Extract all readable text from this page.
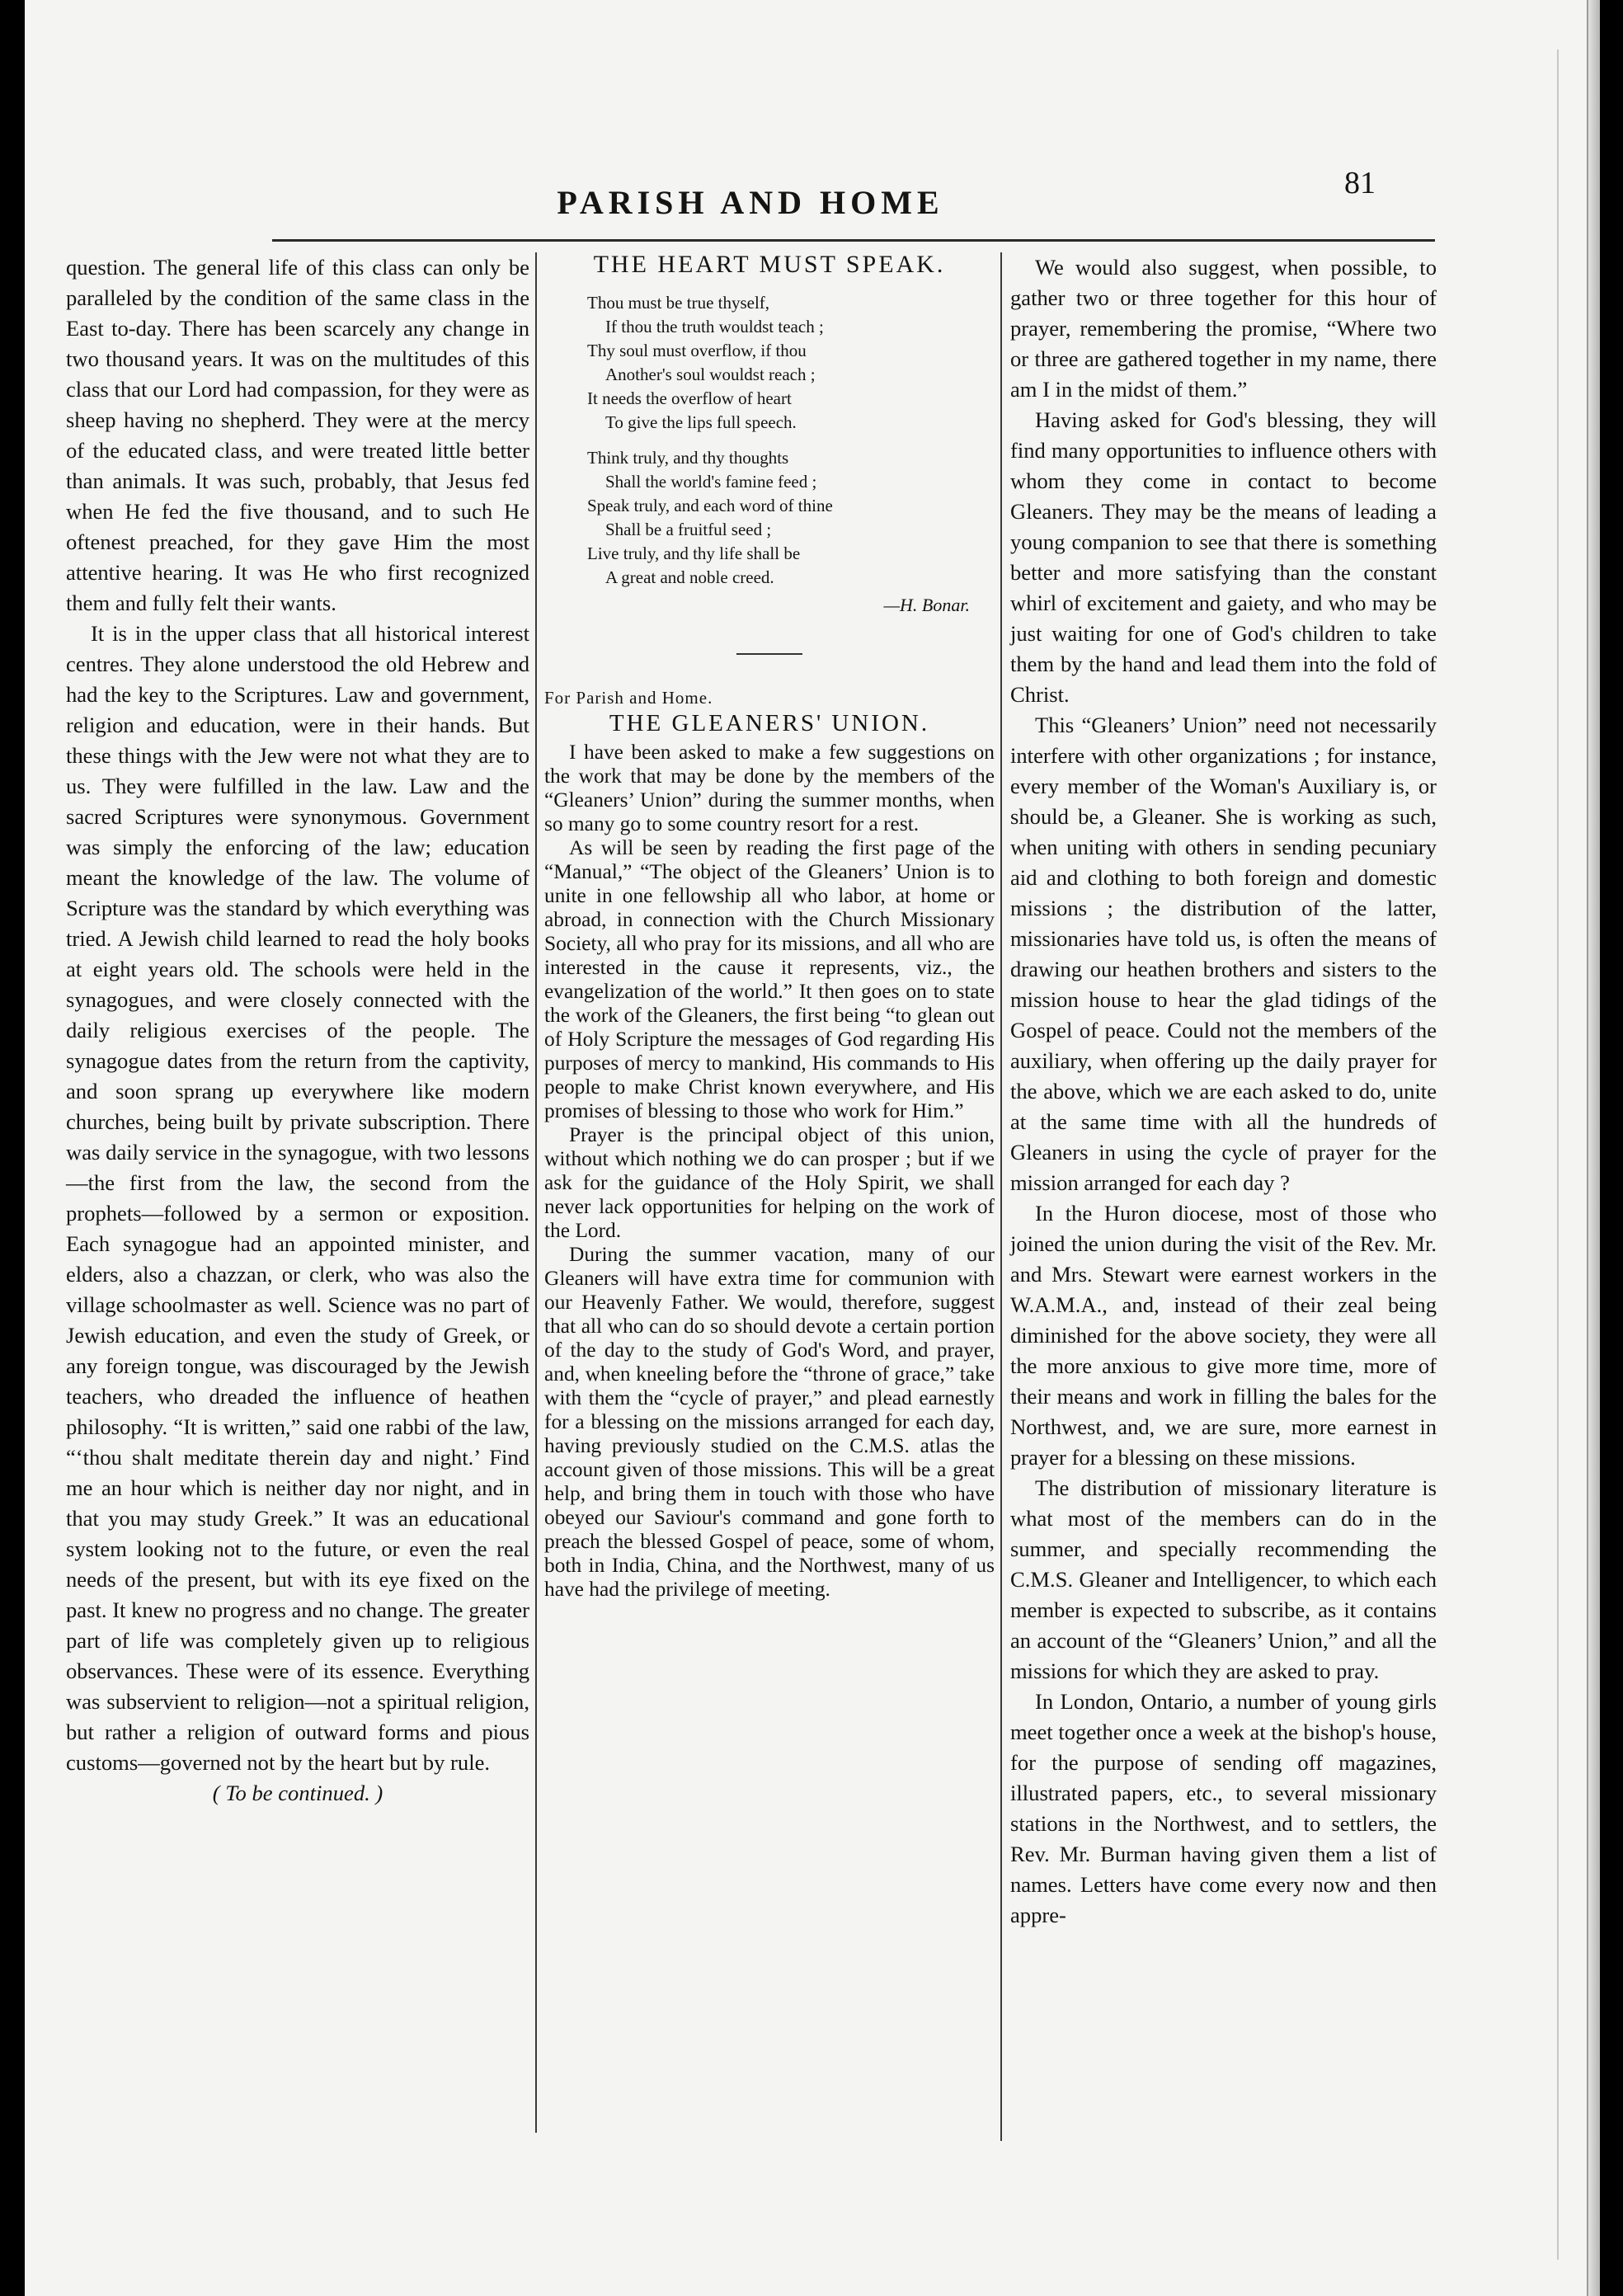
PARISH AND HOME
81

question. The general life of this class can only be paralleled by the condition of the same class in the East to-day. There has been scarcely any change in two thousand years. It was on the multitudes of this class that our Lord had compassion, for they were as sheep having no shepherd. They were at the mercy of the educated class, and were treated little better than animals. It was such, probably, that Jesus fed when He fed the five thousand, and to such He oftenest preached, for they gave Him the most attentive hearing. It was He who first recognized them and fully felt their wants.

It is in the upper class that all historical interest centres. They alone understood the old Hebrew and had the key to the Scriptures. Law and government, religion and education, were in their hands. But these things with the Jew were not what they are to us. They were fulfilled in the law. Law and the sacred Scriptures were synonymous. Government was simply the enforcing of the law; education meant the knowledge of the law. The volume of Scripture was the standard by which everything was tried. A Jewish child learned to read the holy books at eight years old. The schools were held in the synagogues, and were closely connected with the daily religious exercises of the people. The synagogue dates from the return from the captivity, and soon sprang up everywhere like modern churches, being built by private subscription. There was daily service in the synagogue, with two lessons—the first from the law, the second from the prophets—followed by a sermon or exposition. Each synagogue had an appointed minister, and elders, also a chazzan, or clerk, who was also the village schoolmaster as well. Science was no part of Jewish education, and even the study of Greek, or any foreign tongue, was discouraged by the Jewish teachers, who dreaded the influence of heathen philosophy. “It is written,” said one rabbi of the law, “‘thou shalt meditate therein day and night.’ Find me an hour which is neither day nor night, and in that you may study Greek.” It was an educational system looking not to the future, or even the real needs of the present, but with its eye fixed on the past. It knew no progress and no change. The greater part of life was completely given up to religious observances. These were of its essence. Everything was subservient to religion—not a spiritual religion, but rather a religion of outward forms and pious customs—governed not by the heart but by rule.

( To be continued. )

THE HEART MUST SPEAK.
Thou must be true thyself,
If thou the truth wouldst teach ;
Thy soul must overflow, if thou
Another's soul wouldst reach ;
It needs the overflow of heart
To give the lips full speech.
Think truly, and thy thoughts
Shall the world's famine feed ;
Speak truly, and each word of thine
Shall be a fruitful seed ;
Live truly, and thy life shall be
A great and noble creed.
—H. Bonar.
For Parish and Home.
THE GLEANERS' UNION.

I have been asked to make a few suggestions on the work that may be done by the members of the “Gleaners’ Union” during the summer months, when so many go to some country resort for a rest.

As will be seen by reading the first page of the “Manual,” “The object of the Gleaners’ Union is to unite in one fellowship all who labor, at home or abroad, in connection with the Church Missionary Society, all who pray for its missions, and all who are interested in the cause it represents, viz., the evangelization of the world.” It then goes on to state the work of the Gleaners, the first being “to glean out of Holy Scripture the messages of God regarding His purposes of mercy to mankind, His commands to His people to make Christ known everywhere, and His promises of blessing to those who work for Him.”

Prayer is the principal object of this union, without which nothing we do can prosper ; but if we ask for the guidance of the Holy Spirit, we shall never lack opportunities for helping on the work of the Lord.

During the summer vacation, many of our Gleaners will have extra time for communion with our Heavenly Father. We would, therefore, suggest that all who can do so should devote a certain portion of the day to the study of God's Word, and prayer, and, when kneeling before the “throne of grace,” take with them the “cycle of prayer,” and plead earnestly for a blessing on the missions arranged for each day, having previously studied on the C.M.S. atlas the account given of those missions. This will be a great help, and bring them in touch with those who have obeyed our Saviour's command and gone forth to preach the blessed Gospel of peace, some of whom, both in India, China, and the Northwest, many of us have had the privilege of meeting.

We would also suggest, when possible, to gather two or three together for this hour of prayer, remembering the promise, “Where two or three are gathered together in my name, there am I in the midst of them.”

Having asked for God's blessing, they will find many opportunities to influence others with whom they come in contact to become Gleaners. They may be the means of leading a young companion to see that there is something better and more satisfying than the constant whirl of excitement and gaiety, and who may be just waiting for one of God's children to take them by the hand and lead them into the fold of Christ.

This “Gleaners’ Union” need not necessarily interfere with other organizations ; for instance, every member of the Woman's Auxiliary is, or should be, a Gleaner. She is working as such, when uniting with others in sending pecuniary aid and clothing to both foreign and domestic missions ; the distribution of the latter, missionaries have told us, is often the means of drawing our heathen brothers and sisters to the mission house to hear the glad tidings of the Gospel of peace. Could not the members of the auxiliary, when offering up the daily prayer for the above, which we are each asked to do, unite at the same time with all the hundreds of Gleaners in using the cycle of prayer for the mission arranged for each day ?

In the Huron diocese, most of those who joined the union during the visit of the Rev. Mr. and Mrs. Stewart were earnest workers in the W.A.M.A., and, instead of their zeal being diminished for the above society, they were all the more anxious to give more time, more of their means and work in filling the bales for the Northwest, and, we are sure, more earnest in prayer for a blessing on these missions.

The distribution of missionary literature is what most of the members can do in the summer, and specially recommending the C.M.S. Gleaner and Intelligencer, to which each member is expected to subscribe, as it contains an account of the “Gleaners’ Union,” and all the missions for which they are asked to pray.

In London, Ontario, a number of young girls meet together once a week at the bishop's house, for the purpose of sending off magazines, illustrated papers, etc., to several missionary stations in the Northwest, and to settlers, the Rev. Mr. Burman having given them a list of names. Letters have come every now and then appre-
